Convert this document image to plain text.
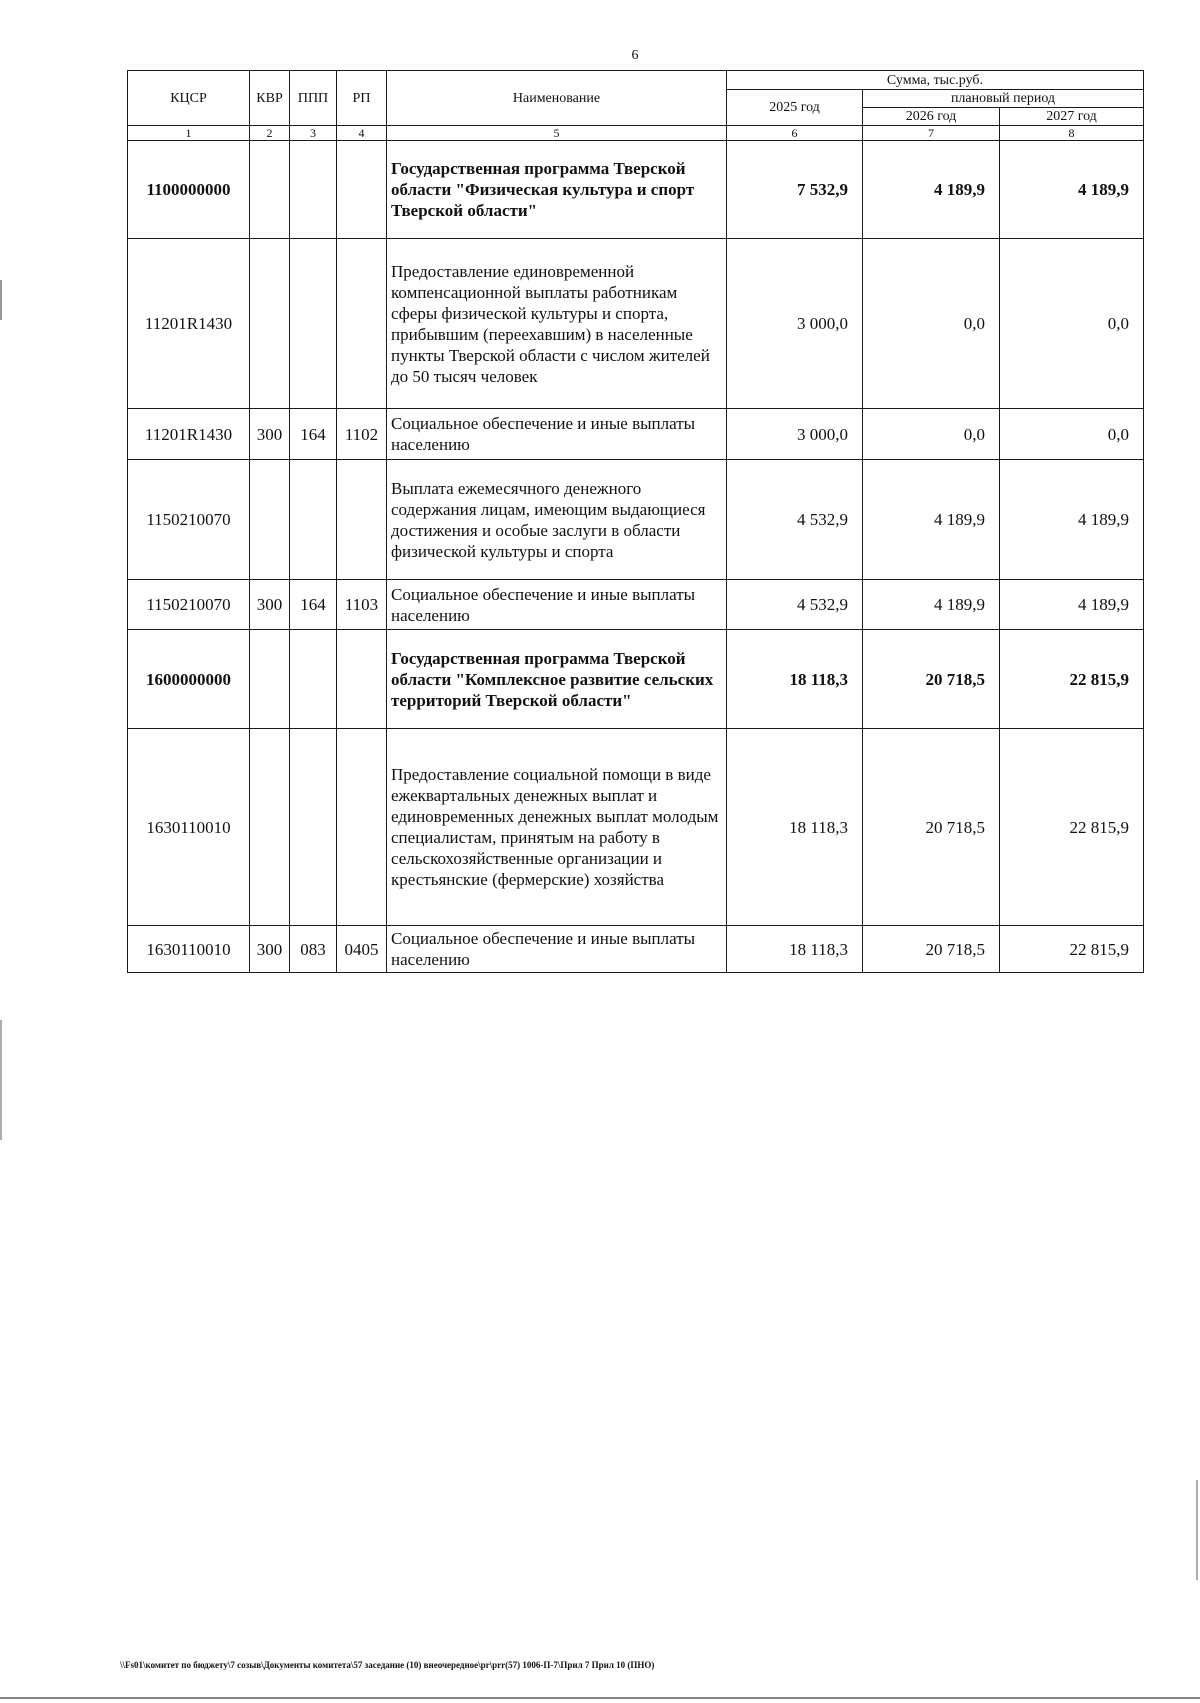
6
КЦСР	КВР	ППП	РП	Наименование	Сумма, тыс.руб.		
					2025 год	плановый период	
						2026 год	2027 год
1	2	3	4	5	6	7	8
1100000000				Государственная программа Тверской области "Физическая культура и спорт Тверской области"	7 532,9	4 189,9	4 189,9
11201R1430				Предоставление единовременной компенсационной выплаты работникам сферы физической культуры и спорта, прибывшим (переехавшим) в населенные пункты Тверской области с числом жителей до 50 тысяч человек	3 000,0	0,0	0,0
11201R1430	300	164	1102	Социальное обеспечение и иные выплаты населению	3 000,0	0,0	0,0
1150210070				Выплата ежемесячного денежного содержания лицам, имеющим выдающиеся достижения и особые заслуги в области физической культуры и спорта	4 532,9	4 189,9	4 189,9
1150210070	300	164	1103	Социальное обеспечение и иные выплаты населению	4 532,9	4 189,9	4 189,9
1600000000				Государственная программа Тверской области "Комплексное развитие сельских территорий Тверской области"	18 118,3	20 718,5	22 815,9
1630110010				Предоставление социальной помощи в виде ежеквартальных денежных выплат и единовременных денежных выплат молодым специалистам, принятым на работу в сельскохозяйственные организации и крестьянские (фермерские) хозяйства	18 118,3	20 718,5	22 815,9
1630110010	300	083	0405	Социальное обеспечение и иные выплаты населению	18 118,3	20 718,5	22 815,9
\\Fs01\комитет по бюджету\7 созыв\Документы комитета\57 заседание (10) внеочередное\pr\prr(57) 1006-П-7\Прил 7 Прил 10 (ПНО)
